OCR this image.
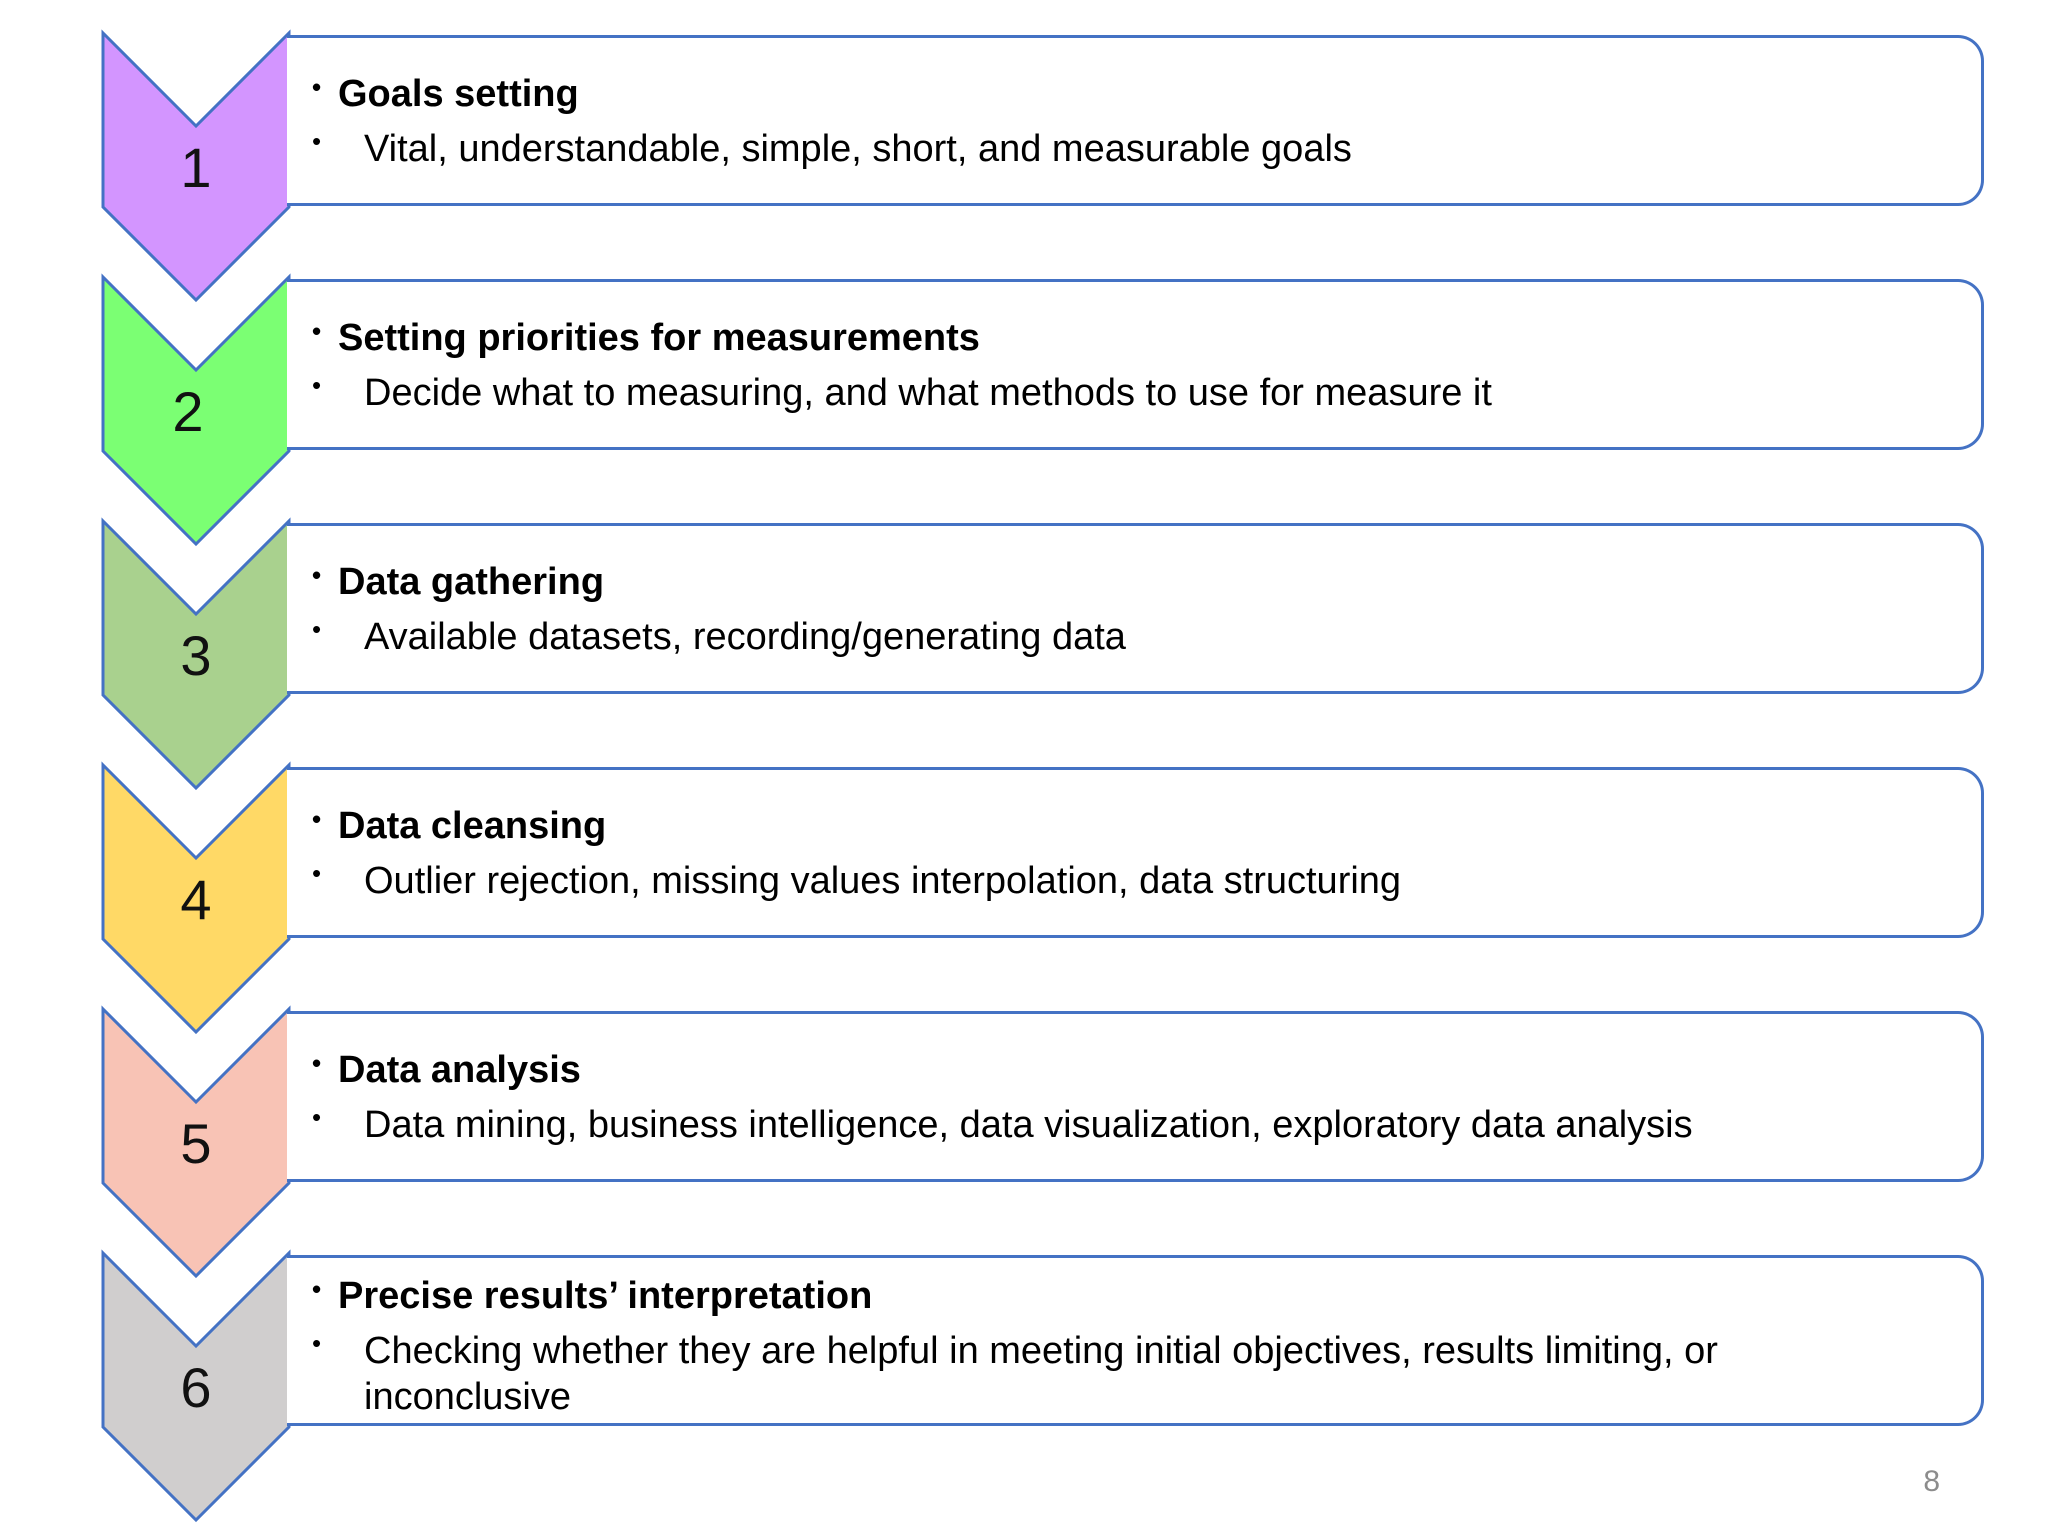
1
• Goals setting
• Vital, understandable, simple, short, and measurable goals
2
• Setting priorities for measurements
• Decide what to measuring, and what methods to use for measure it
3
• Data gathering
• Available datasets, recording/generating data
4
• Data cleansing
• Outlier rejection, missing values interpolation, data structuring
5
• Data analysis
• Data mining, business intelligence, data visualization, exploratory data analysis
6
• Precise results’ interpretation
• Checking whether they are helpful in meeting initial objectives, results limiting, or inconclusive
8
